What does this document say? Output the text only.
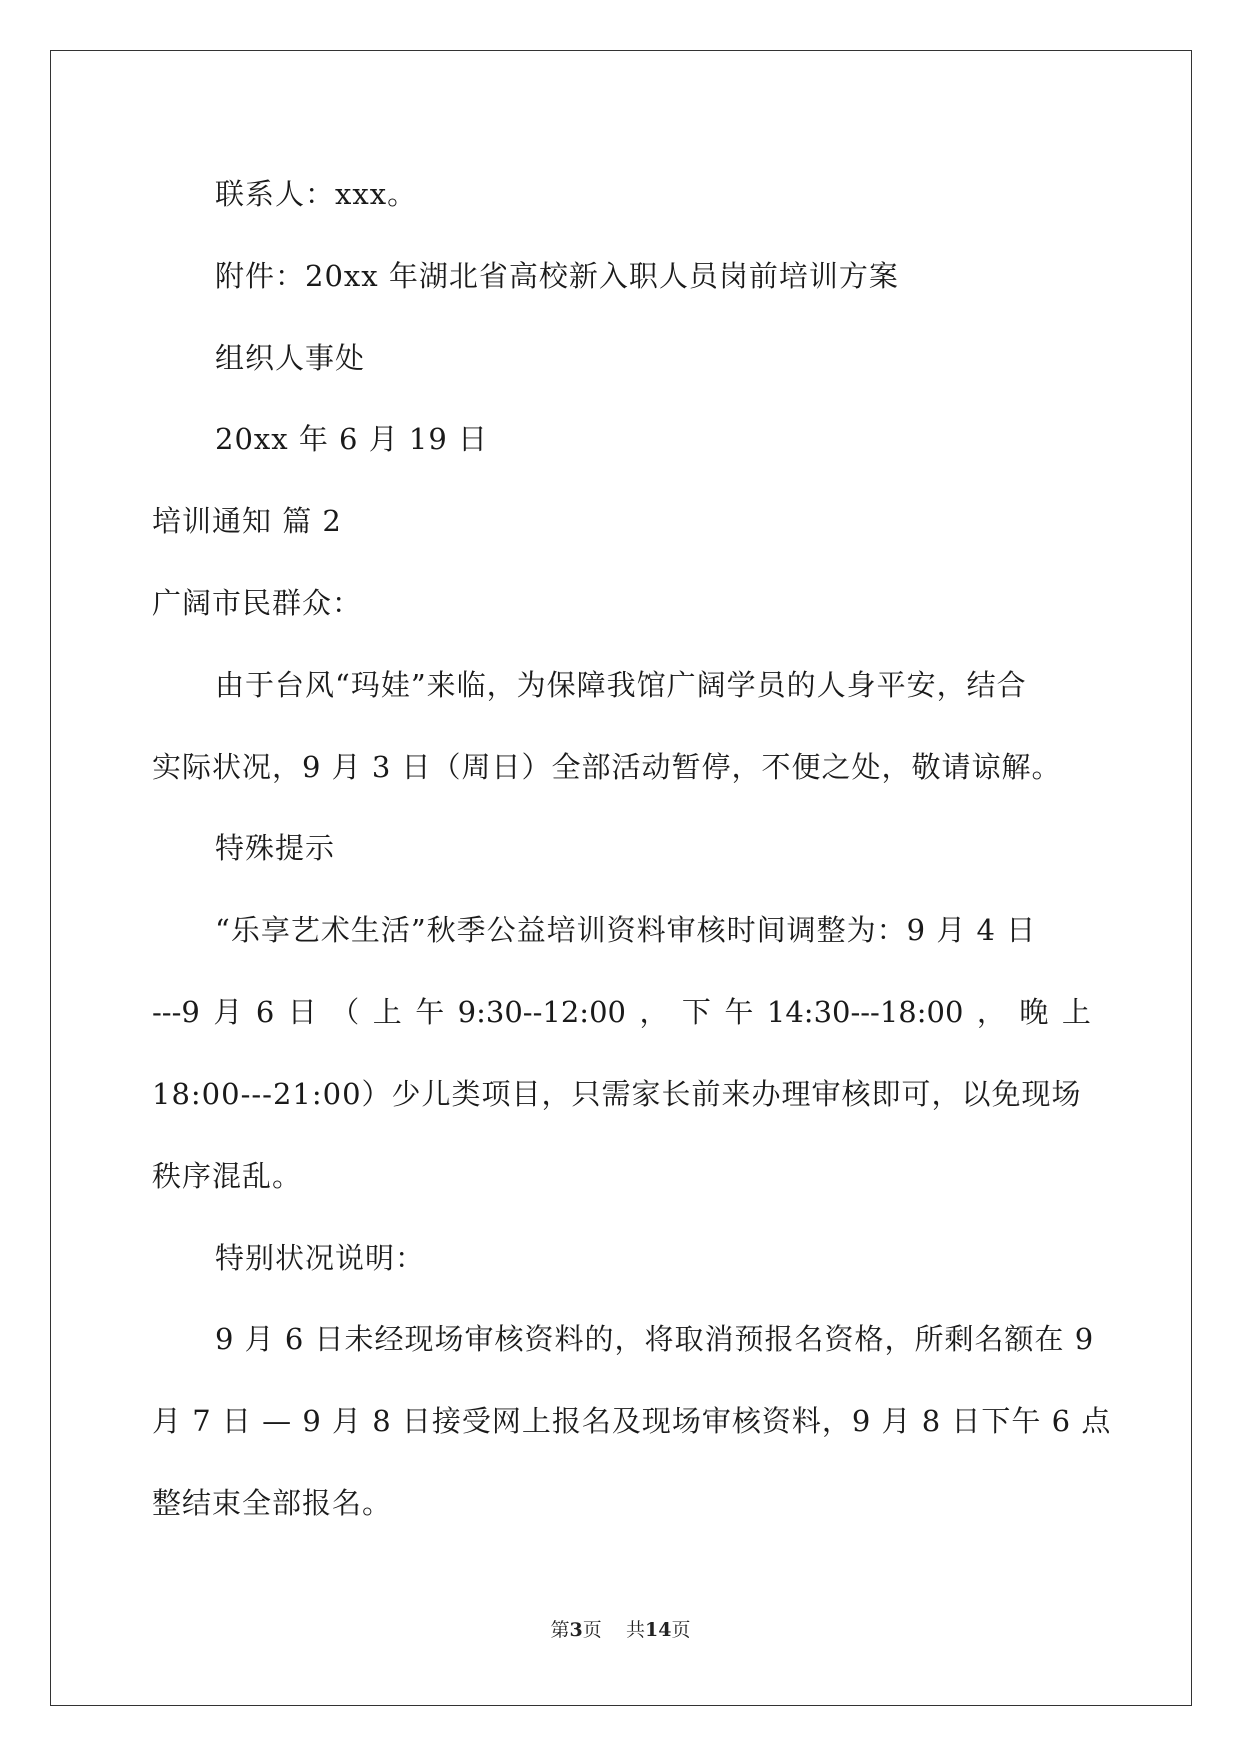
联系人：xxx。
附件：20xx 年湖北省高校新入职人员岗前培训方案
组织人事处
20xx 年 6 月 19 日
培训通知 篇 2
广阔市民群众：
由于台风“玛娃”来临，为保障我馆广阔学员的人身平安，结合
实际状况，9 月 3 日（周日）全部活动暂停，不便之处，敬请谅解。
特殊提示
“乐享艺术生活”秋季公益培训资料审核时间调整为：9 月 4 日
---9 月 6 日 （ 上 午 9:30--12:00 ， 下 午 14:30---18:00 ， 晚 上
18:00---21:00）少儿类项目，只需家长前来办理审核即可，以免现场
秩序混乱。
特别状况说明：
9 月 6 日未经现场审核资料的，将取消预报名资格，所剩名额在 9
月 7 日 — 9 月 8 日接受网上报名及现场审核资料，9 月 8 日下午 6 点
整结束全部报名。
第3页 共14页
